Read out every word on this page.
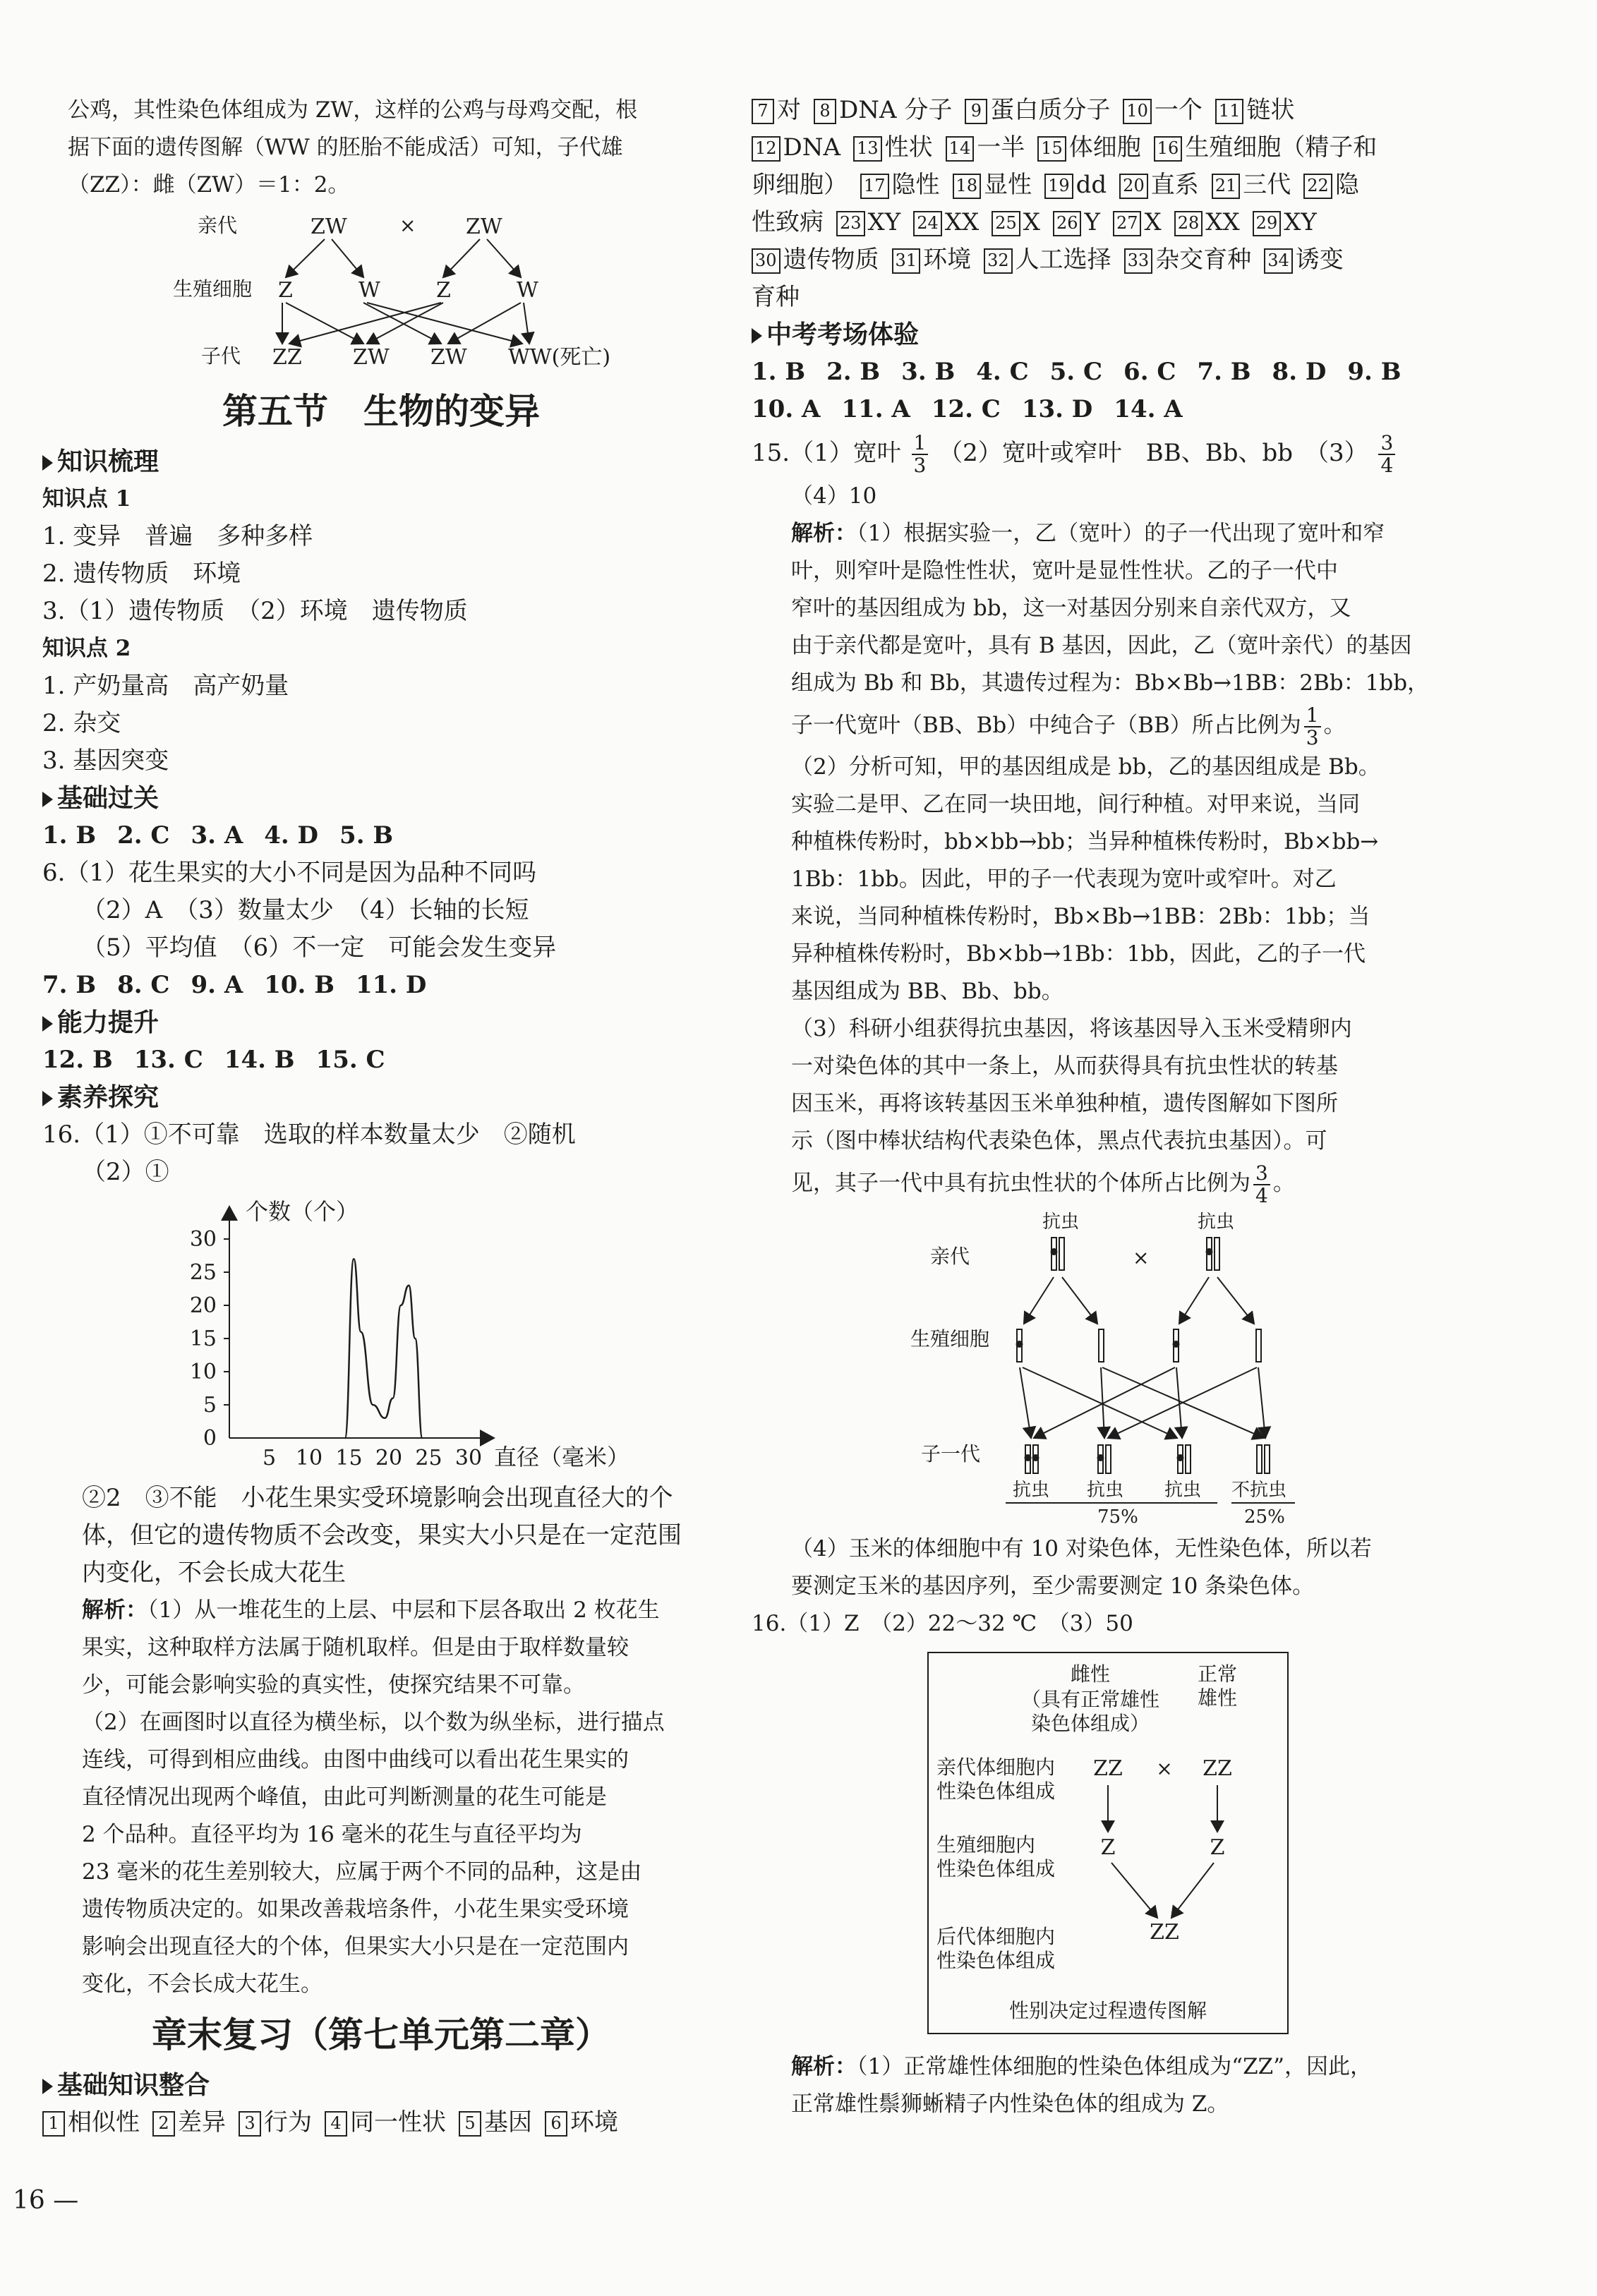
公鸡，其性染色体组成为 ZW，这样的公鸡与母鸡交配，根
据下面的遗传图解（WW 的胚胎不能成活）可知，子代雄
（ZZ）：雌（ZW）＝1：2。
亲代	ZW	× ZW
生殖细胞 Z	W	Z	W
子代 ZZ ZW ZW WW(死亡)
第五节　生物的变异
知识梳理
知识点 1
1. 变异　普遍　多种多样
2. 遗传物质　环境
3.（1）遗传物质　（2）环境　遗传物质
知识点 2
1. 产奶量高　高产奶量
2. 杂交
3. 基因突变
基础过关
1. B 2. C 3. A 4. D 5. B
6.（1）花生果实的大小不同是因为品种不同吗
（2）A　（3）数量太少　（4）长轴的长短
（5）平均值　（6）不一定　可能会发生变异
7. B 8. C 9. A 10. B 11. D
能力提升
12. B 13. C 14. B 15. C
素养探究
16.（1）①不可靠　选取的样本数量太少　②随机
（2）①
个数（个）
直径（毫米）
5 10 15 20 25 30
0
5
10
15
20
25
30
②2　③不能　小花生果实受环境影响会出现直径大的个
体，但它的遗传物质不会改变，果实大小只是在一定范围
内变化，不会长成大花生
解析：（1）从一堆花生的上层、中层和下层各取出 2 枚花生
果实，这种取样方法属于随机取样。但是由于取样数量较
少，可能会影响实验的真实性，使探究结果不可靠。
（2）在画图时以直径为横坐标，以个数为纵坐标，进行描点
连线，可得到相应曲线。由图中曲线可以看出花生果实的
直径情况出现两个峰值，由此可判断测量的花生可能是
2 个品种。直径平均为 16 毫米的花生与直径平均为
23 毫米的花生差别较大，应属于两个不同的品种，这是由
遗传物质决定的。如果改善栽培条件，小花生果实受环境
影响会出现直径大的个体，但果实大小只是在一定范围内
变化，不会长成大花生。
章末复习（第七单元第二章）
基础知识整合
1 相似性 2 差异 3 行为 4 同一性状 5 基因 6 环境
7 对 8 DNA 分子 9 蛋白质分子 10 一个 11 链状
12 DNA 13 性状 14 一半 15 体细胞 16 生殖细胞（精子和
卵细胞） 17 隐性 18 显性 19 dd 20 直系 21 三代 22 隐
性致病 23 XY 24 XX 25 X 26 Y 27 X 28 XX 29 XY
30 遗传物质 31 环境 32 人工选择 33 杂交育种 34 诱变
育种
中考考场体验
1. B 2. B 3. B 4. C 5. C 6. C 7. B 8. D 9. B
10. A 11. A 12. C 13. D 14. A
15.（1）宽叶 $\frac{1}{3} (2)$宽叶或窄叶　BB、Bb、bb　$(3) \frac{3}{4}$
（4）10
解析：（1）根据实验一，乙（宽叶）的子一代出现了宽叶和窄
叶，则窄叶是隐性性状，宽叶是显性性状。乙的子一代中
窄叶的基因组成为 bb，这一对基因分别来自亲代双方，又
由于亲代都是宽叶，具有 B 基因，因此，乙（宽叶亲代）的基因
组成为 Bb 和 Bb，其遗传过程为：Bb×Bb→1BB：2Bb：1bb，
子一代宽叶（BB、Bb）中纯合子（BB）所占比例为 $\frac{1}{3}$ 。
（2）分析可知，甲的基因组成是 bb，乙的基因组成是 Bb。
实验二是甲、乙在同一块田地，间行种植。对甲来说，当同
种植株传粉时，bb×bb→bb；当异种植株传粉时，Bb×bb→
1Bb：1bb。因此，甲的子一代表现为宽叶或窄叶。对乙
来说，当同种植株传粉时，Bb×Bb→1BB：2Bb：1bb；当
异种植株传粉时，Bb×bb→1Bb：1bb，因此，乙的子一代
基因组成为 BB、Bb、bb。
（3）科研小组获得抗虫基因，将该基因导入玉米受精卵内
一对染色体的其中一条上，从而获得具有抗虫性状的转基
因玉米，再将该转基因玉米单独种植，遗传图解如下图所
示（图中棒状结构代表染色体，黑点代表抗虫基因）。可
见，其子一代中具有抗虫性状的个体所占比例为 $\frac{3}{4}$ 。
抗虫	抗虫
亲代	×
生殖细胞
子一代
抗虫 抗虫 抗虫 不抗虫
75%	25%
（4）玉米的体细胞中有 10 对染色体，无性染色体，所以若
要测定玉米的基因序列，至少需要测定 10 条染色体。
16.（1）Z　（2）22～32 ℃　（3）50
雌性
（具有正常雄性
染色体组成）
正常
雄性
亲代体细胞内
性染色体组成
生殖细胞内
性染色体组成
后代体细胞内
性染色体组成
ZZ × ZZ
Z	Z
ZZ
性别决定过程遗传图解
解析：（1）正常雄性体细胞的性染色体组成为“ZZ”，因此，
正常雄性鬃狮蜥精子内性染色体的组成为 Z。
16 —
